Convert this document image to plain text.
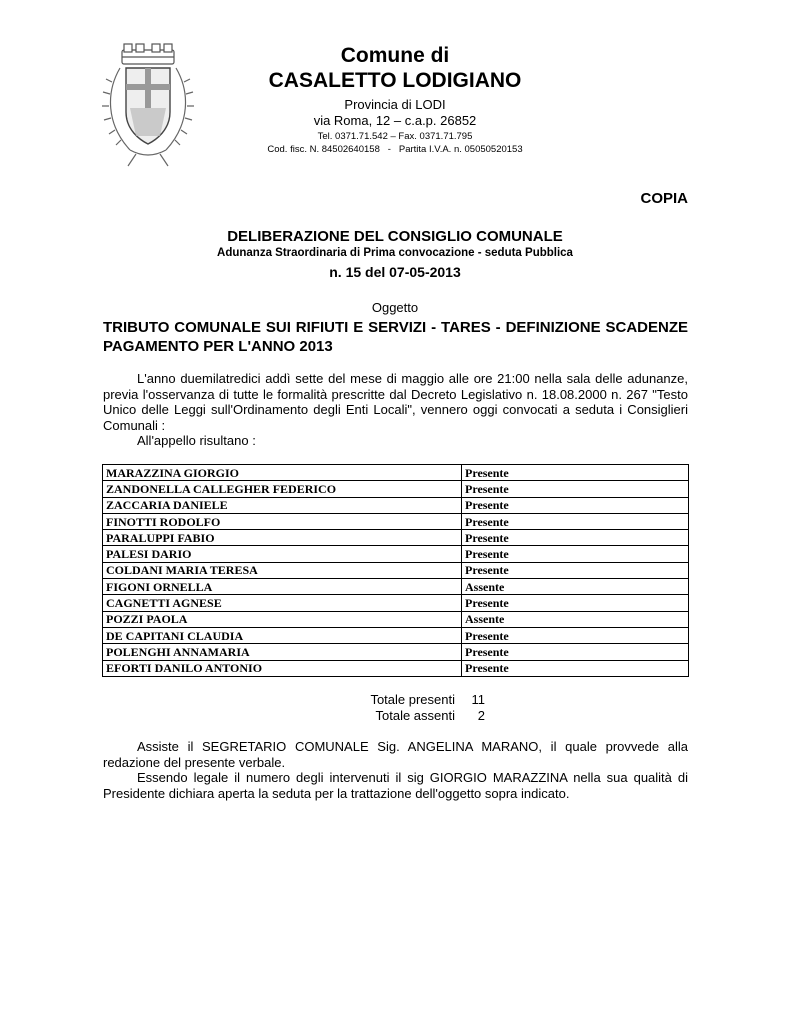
Comune di
CASALETTO LODIGIANO
Provincia di LODI
via Roma, 12 – c.a.p. 26852
Tel. 0371.71.542 – Fax. 0371.71.795
Cod. fisc. N. 84502640158   -   Partita I.V.A. n. 05050520153
COPIA
DELIBERAZIONE DEL CONSIGLIO COMUNALE
Adunanza Straordinaria di Prima convocazione - seduta Pubblica
n. 15 del 07-05-2013
Oggetto
TRIBUTO COMUNALE SUI RIFIUTI E SERVIZI - TARES - DEFINIZIONE SCADENZE PAGAMENTO PER L'ANNO 2013
L'anno duemilatredici addì sette del mese di maggio alle ore 21:00 nella sala delle adunanze, previa l'osservanza di tutte le formalità prescritte dal Decreto Legislativo n. 18.08.2000 n. 267 "Testo Unico delle Leggi sull'Ordinamento degli Enti Locali", vennero oggi convocati a seduta i Consiglieri Comunali :
All'appello risultano :
MARAZZINA GIORGIO	Presente
ZANDONELLA CALLEGHER FEDERICO	Presente
ZACCARIA DANIELE	Presente
FINOTTI RODOLFO	Presente
PARALUPPI FABIO	Presente
PALESI DARIO	Presente
COLDANI MARIA TERESA	Presente
FIGONI ORNELLA	Assente
CAGNETTI AGNESE	Presente
POZZI PAOLA	Assente
DE CAPITANI CLAUDIA	Presente
POLENGHI ANNAMARIA	Presente
EFORTI DANILO ANTONIO	Presente
Totale presenti	11
Totale assenti	2
Assiste il SEGRETARIO COMUNALE Sig. ANGELINA MARANO, il quale provvede alla redazione del presente verbale.
Essendo legale il numero degli intervenuti il sig GIORGIO MARAZZINA nella sua qualità di Presidente dichiara aperta la seduta per la trattazione dell'oggetto sopra indicato.
